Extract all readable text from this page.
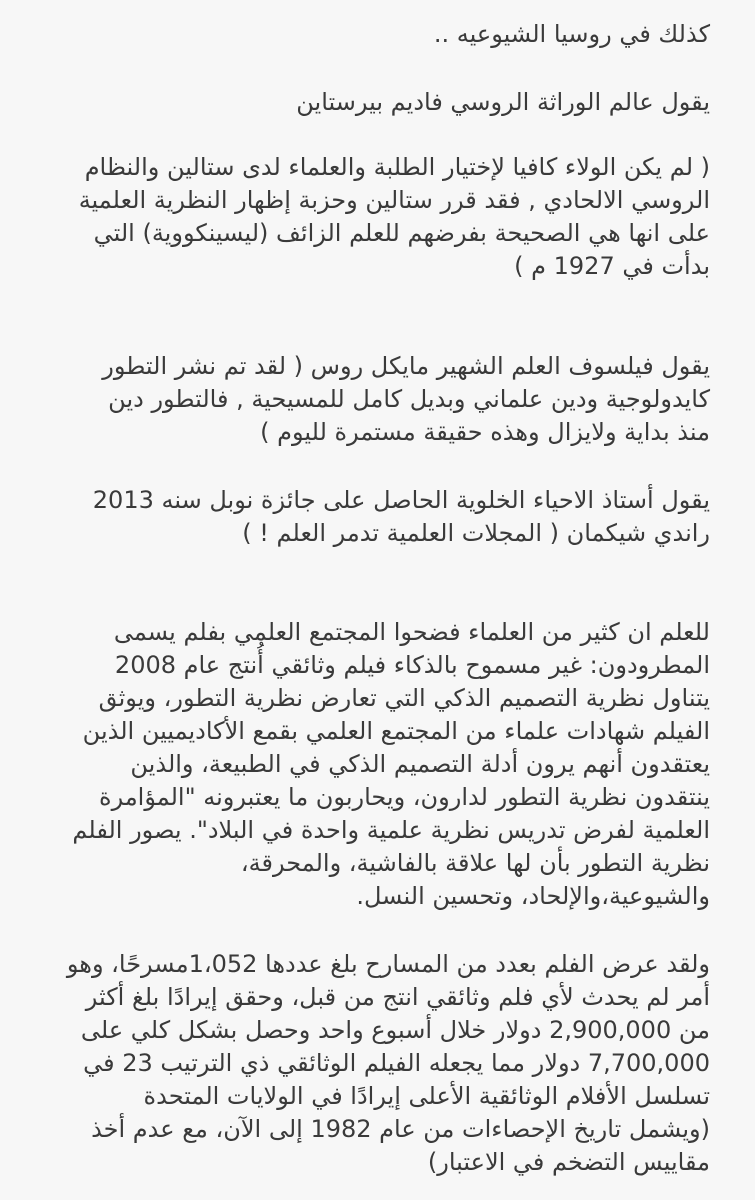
كذلك في روسيا الشيوعيه ..
يقول عالم الوراثة الروسي فاديم بيرستاين
( لم يكن الولاء كافيا لإختيار الطلبة والعلماء لدى ستالين والنظام
الروسي الالحادي , فقد قرر ستالين وحزبة إظهار النظرية العلمية
على انها هي الصحيحة بفرضهم للعلم الزائف (ليسينكووية) التي
بدأت في 1927 م )
يقول فيلسوف العلم الشهير مايكل روس ( لقد تم نشر التطور
كايدولوجية ودين علماني وبديل كامل للمسيحية , فالتطور دين
منذ بداية ولايزال وهذه حقيقة مستمرة لليوم )
يقول أستاذ الاحياء الخلوية الحاصل على جائزة نوبل سنه 2013
راندي شيكمان ( المجلات العلمية تدمر العلم ! )
للعلم ان كثير من العلماء فضحوا المجتمع العلمي بفلم يسمى
المطرودون: غير مسموح بالذكاء فيلم وثائقي أُنتج عام 2008
يتناول نظرية التصميم الذكي التي تعارض نظرية التطور، ويوثق
الفيلم شهادات علماء من المجتمع العلمي بقمع الأكاديميين الذين
يعتقدون أنهم يرون أدلة التصميم الذكي في الطبيعة، والذين
ينتقدون نظرية التطور لدارون، ويحاربون ما يعتبرونه "المؤامرة
العلمية لفرض تدريس نظرية علمية واحدة في البلاد". يصور الفلم
نظرية التطور بأن لها علاقة بالفاشية، والمحرقة،
والشيوعية،والإلحاد، وتحسين النسل.
ولقد عرض الفلم بعدد من المسارح بلغ عددها 1،052مسرحًا، وهو
أمر لم يحدث لأي فلم وثائقي انتج من قبل، وحقق إيرادًا بلغ أكثر
من 2,900,000 دولار خلال أسبوع واحد وحصل بشكل كلي على
7,700,000 دولار مما يجعله الفيلم الوثائقي ذي الترتيب 23 في
تسلسل الأفلام الوثائقية الأعلى إيرادًا في الولايات المتحدة
(ويشمل تاريخ الإحصاءات من عام 1982 إلى الآن، مع عدم أخذ
مقاييس التضخم في الاعتبار)
